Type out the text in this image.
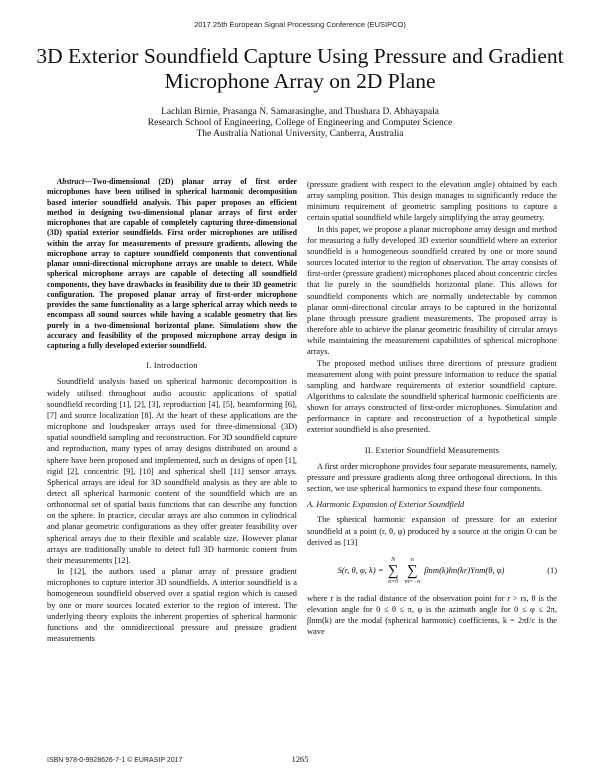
2017 25th European Signal Processing Conference (EUSIPCO)
3D Exterior Soundfield Capture Using Pressure and Gradient Microphone Array on 2D Plane
Lachlan Birnie, Prasanga N. Samarasinghe, and Thushara D. Abhayapala
Research School of Engineering, College of Engineering and Computer Science
The Australia National University, Canberra, Australia

Abstract—Two-dimensional (2D) planar array of first order microphones have been utilised in spherical harmonic decomposition based interior soundfield analysis. This paper proposes an efficient method in designing two-dimensional planar arrays of first order microphones that are capable of completely capturing three-dimensional (3D) spatial exterior soundfields. First order microphones are utilised within the array for measurements of pressure gradients, allowing the microphone array to capture soundfield components that conventional planar omni-directional microphone arrays are unable to detect. While spherical microphone arrays are capable of detecting all soundfield components, they have drawbacks in feasibility due to their 3D geometric configuration. The proposed planar array of first-order microphone provides the same functionality as a large spherical array which needs to encompass all sound sources while having a scalable geometry that lies purely in a two-dimensional horizontal plane. Simulations show the accuracy and feasibility of the proposed microphone array design in capturing a fully developed exterior soundfield.

I. Introduction

Soundfield analysis based on spherical harmonic decomposition is widely utilised throughout audio acoustic applications of spatial soundfield recording [1], [2], [3], reproduction [4], [5], beamforming [6], [7] and source localization [8]. At the heart of these applications are the microphone and loudspeaker arrays used for three-dimensional (3D) spatial soundfield sampling and reconstruction. For 3D soundfield capture and reproduction, many types of array designs distributed on around a sphere have been proposed and implemented, such as designs of open [1], rigid [2], concentric [9], [10] and spherical shell [11] sensor arrays. Spherical arrays are ideal for 3D soundfield analysis as they are able to detect all spherical harmonic content of the soundfield which are an orthonormal set of spatial basis functions that can describe any function on the sphere. In practice, circular arrays are also common in cylindrical and planar geometric configurations as they offer greater feasibility over spherical arrays due to their flexible and scalable size. However planar arrays are traditionally unable to detect full 3D harmonic content from their measurements [12].

In [12], the authors used a planar array of pressure gradient microphones to capture interior 3D soundfields. A interior soundfield is a homogeneous soundfield observed over a spatial region which is caused by one or more sources located exterior to the region of interest. The underlying theory exploits the inherent properties of spherical harmonic functions and the omnidirectional pressure and pressure gradient measurements

(pressure gradient with respect to the elevation angle) obtained by each array sampling position. This design manages to significantly reduce the minimum requirement of geometric sampling positions to capture a certain spatial soundfield while largely simplifying the array geometry.

In this paper, we propose a planar microphone array design and method for measuring a fully developed 3D exterior soundfield where an exterior soundfield is a homogeneous soundfield created by one or more sound sources located interior to the region of observation. The array consists of first-order (pressure gradient) microphones placed about concentric circles that lie purely in the soundfields horizontal plane. This allows for soundfield components which are normally undetectable by common planar omni-directional circular arrays to be captured in the horizontal plane through pressure gradient measurements. The proposed array is therefore able to achieve the planar geometric feasibility of circular arrays while maintaining the measurement capabilities of spherical microphone arrays.

The proposed method utilises three directions of pressure gradient measurement along with point pressure information to reduce the spatial sampling and hardware requirements of exterior soundfield capture. Algorithms to calculate the soundfield spherical harmonic coefficients are shown for arrays constructed of first-order microphones. Simulation and performance in capture and reconstruction of a hypothetical simple exterior soundfield is also presented.

II. Exterior Soundfield Measurements

A first order microphone provides four separate measurements, namely, pressure and pressure gradients along three orthogonal directions. In this section, we use spherical harmonics to expand these four components.

A. Harmonic Expansion of Exterior Soundfield

The spherical harmonic expansion of pressure for an exterior soundfield at a point (r, θ, φ) produced by a source at the origin O can be derived as [13]

S(r, θ, φ, k) =
N
∑
n=0

n
∑
m=−n
βnm(k)hn(kr)Ynm(θ, φ)	(1)

where r is the radial distance of the observation point for r > rs, θ is the elevation angle for 0 ≤ θ ≤ π, φ is the azimuth angle for 0 ≤ φ ≤ 2π, βnm(k) are the modal (spherical harmonic) coefficients, k = 2πf/c is the wave

ISBN 978-0-9928626-7-1 © EURASIP 2017	1265
